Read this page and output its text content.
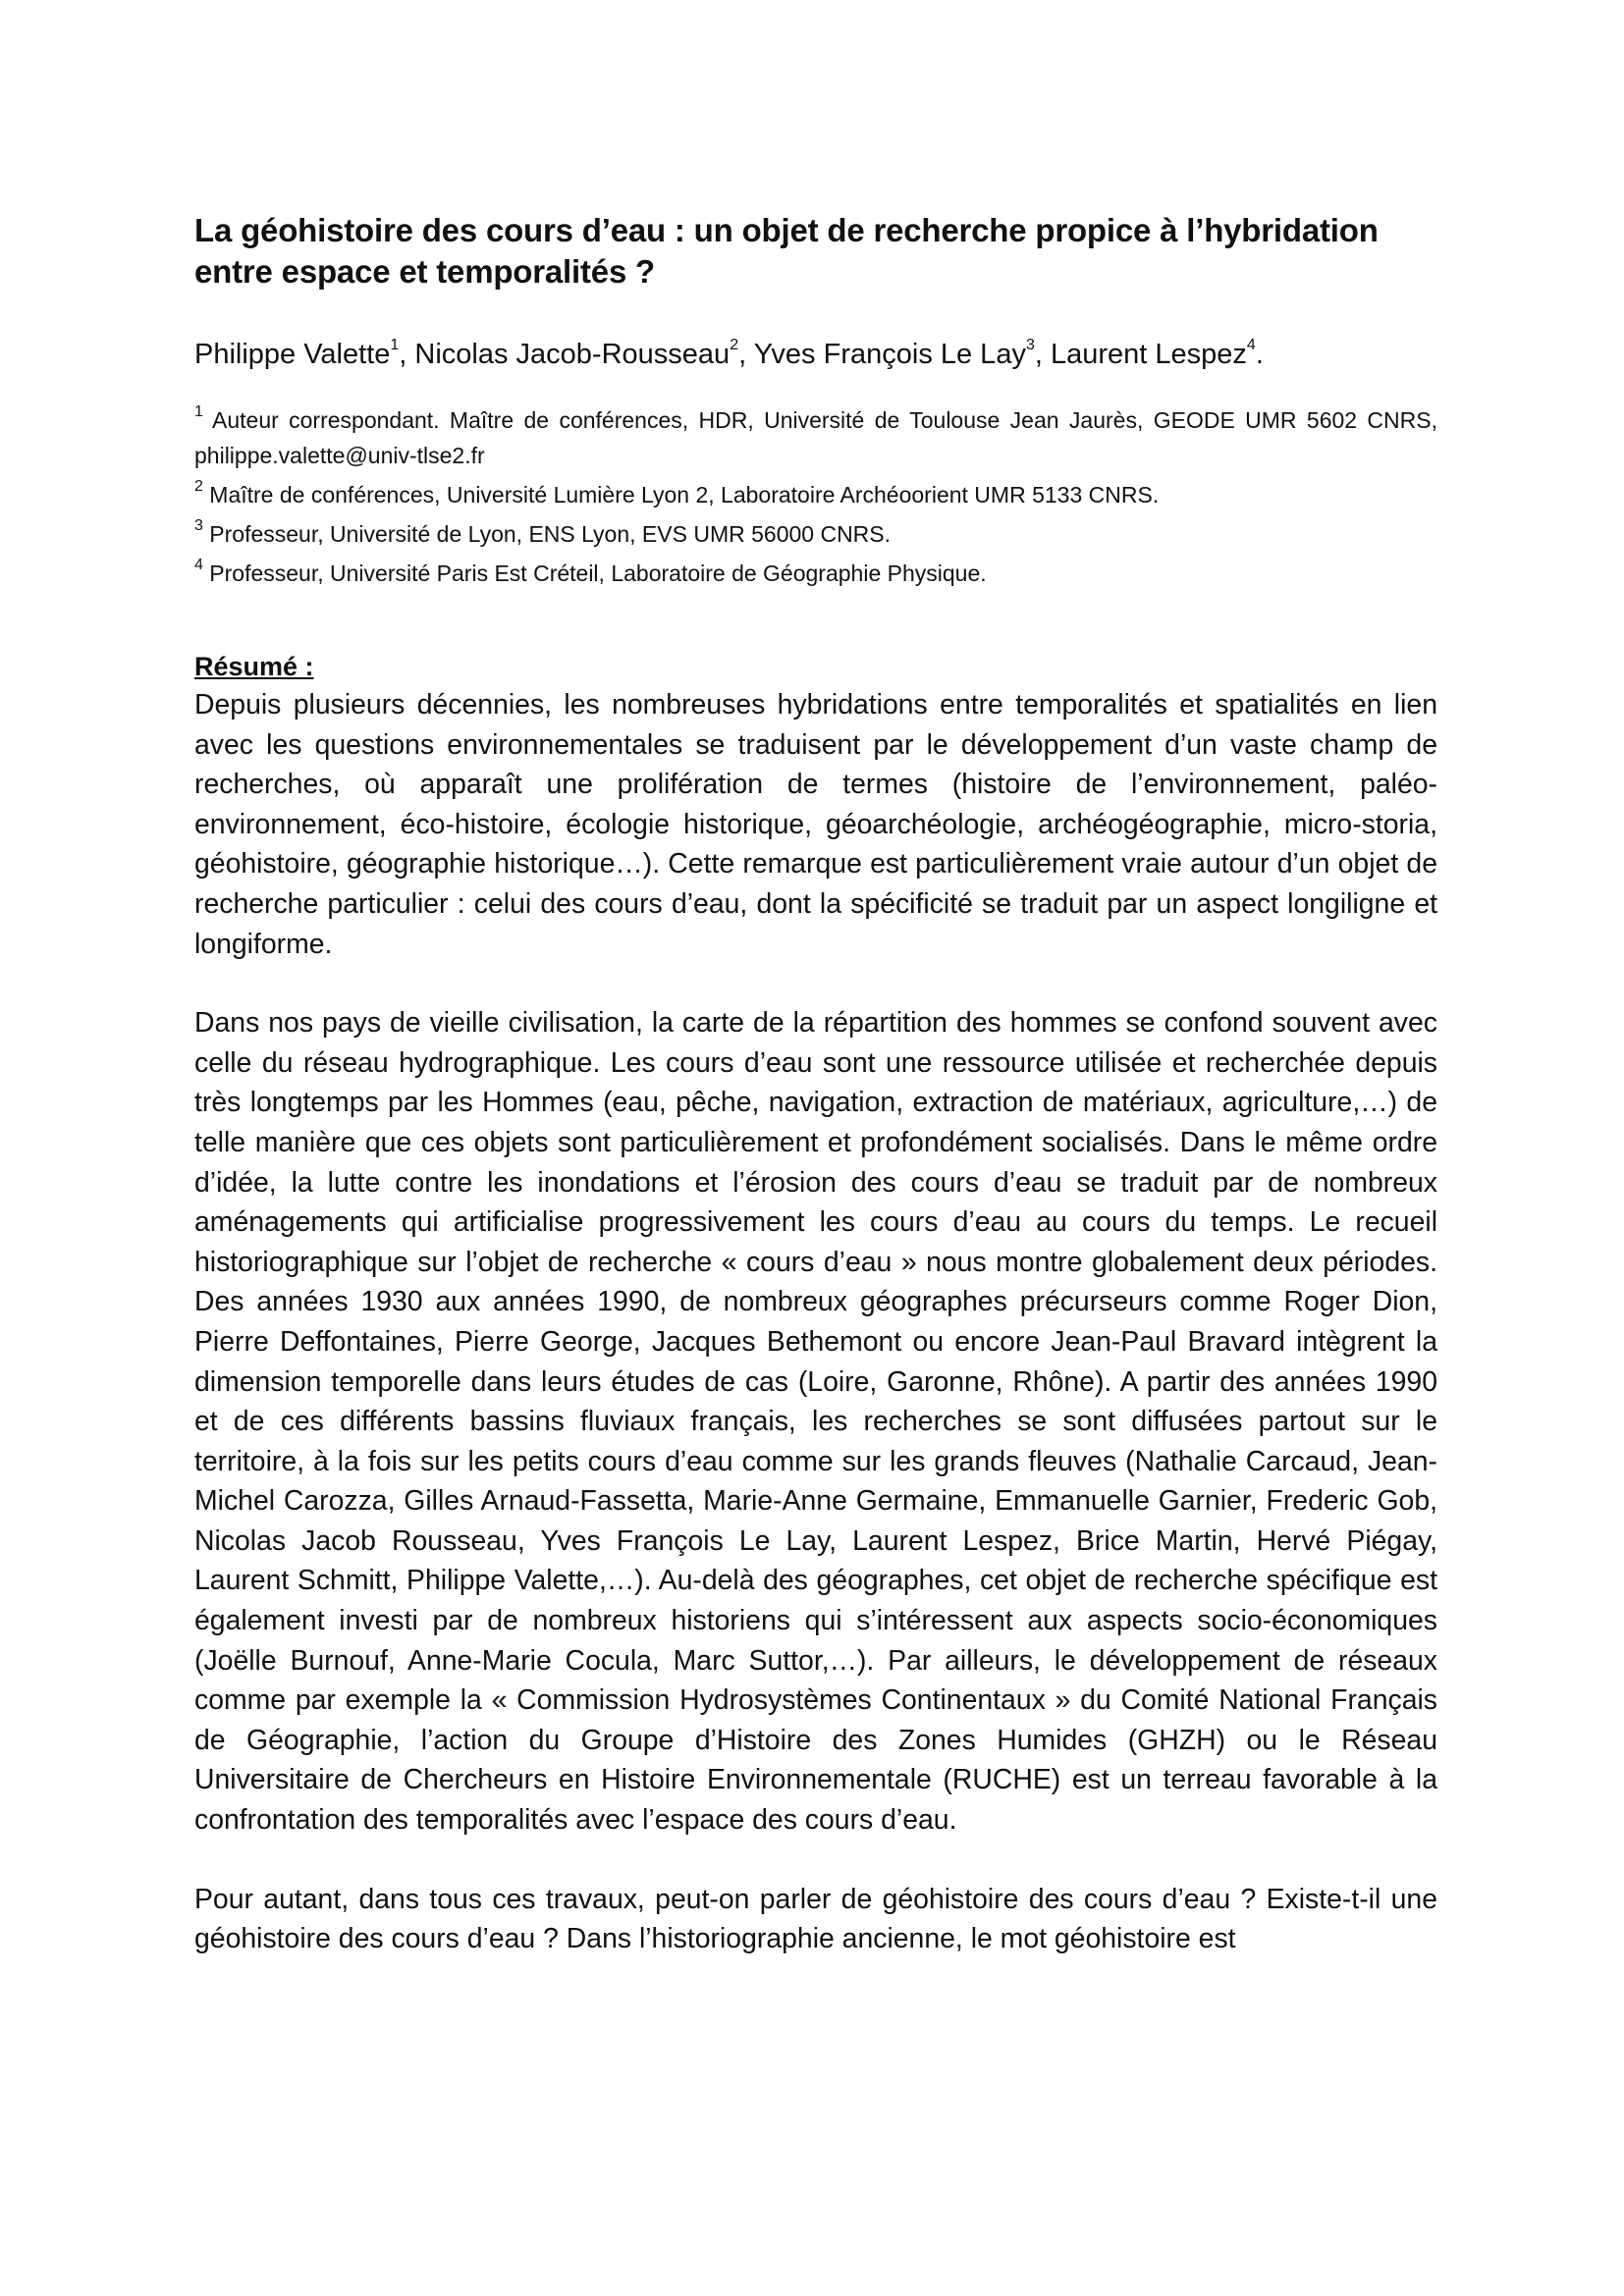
La géohistoire des cours d’eau : un objet de recherche propice à l’hybridation entre espace et temporalités ?
Philippe Valette$^1$, Nicolas Jacob-Rousseau$^2$, Yves François Le Lay$^3$, Laurent Lespez$^4$.

$^1$ Auteur correspondant. Maître de conférences, HDR, Université de Toulouse Jean Jaurès, GEODE UMR 5602 CNRS, philippe.valette@univ-tlse2.fr

$^2$ Maître de conférences, Université Lumière Lyon 2, Laboratoire Archéoorient UMR 5133 CNRS.

$^3$ Professeur, Université de Lyon, ENS Lyon, EVS UMR 56000 CNRS.

$^4$ Professeur, Université Paris Est Créteil, Laboratoire de Géographie Physique.

Résumé :

Depuis plusieurs décennies, les nombreuses hybridations entre temporalités et spatialités en lien avec les questions environnementales se traduisent par le développement d’un vaste champ de recherches, où apparaît une prolifération de termes (histoire de l’environnement, paléo-environnement, éco-histoire, écologie historique, géoarchéologie, archéogéographie, micro-storia, géohistoire, géographie historique…). Cette remarque est particulièrement vraie autour d’un objet de recherche particulier : celui des cours d’eau, dont la spécificité se traduit par un aspect longiligne et longiforme.

Dans nos pays de vieille civilisation, la carte de la répartition des hommes se confond souvent avec celle du réseau hydrographique. Les cours d’eau sont une ressource utilisée et recherchée depuis très longtemps par les Hommes (eau, pêche, navigation, extraction de matériaux, agriculture,…) de telle manière que ces objets sont particulièrement et profondément socialisés. Dans le même ordre d’idée, la lutte contre les inondations et l’érosion des cours d’eau se traduit par de nombreux aménagements qui artificialise progressivement les cours d’eau au cours du temps. Le recueil historiographique sur l’objet de recherche « cours d’eau » nous montre globalement deux périodes. Des années 1930 aux années 1990, de nombreux géographes précurseurs comme Roger Dion, Pierre Deffontaines, Pierre George, Jacques Bethemont ou encore Jean-Paul Bravard intègrent la dimension temporelle dans leurs études de cas (Loire, Garonne, Rhône). A partir des années 1990 et de ces différents bassins fluviaux français, les recherches se sont diffusées partout sur le territoire, à la fois sur les petits cours d’eau comme sur les grands fleuves (Nathalie Carcaud, Jean-Michel Carozza, Gilles Arnaud-Fassetta, Marie-Anne Germaine, Emmanuelle Garnier, Frederic Gob, Nicolas Jacob Rousseau, Yves François Le Lay, Laurent Lespez, Brice Martin, Hervé Piégay, Laurent Schmitt, Philippe Valette,…). Au-delà des géographes, cet objet de recherche spécifique est également investi par de nombreux historiens qui s’intéressent aux aspects socio-économiques (Joëlle Burnouf, Anne-Marie Cocula, Marc Suttor,…). Par ailleurs, le développement de réseaux comme par exemple la « Commission Hydrosystèmes Continentaux » du Comité National Français de Géographie, l’action du Groupe d’Histoire des Zones Humides (GHZH) ou le Réseau Universitaire de Chercheurs en Histoire Environnementale (RUCHE) est un terreau favorable à la confrontation des temporalités avec l’espace des cours d’eau.

Pour autant, dans tous ces travaux, peut-on parler de géohistoire des cours d’eau ? Existe-t-il une géohistoire des cours d’eau ? Dans l’historiographie ancienne, le mot géohistoire est
